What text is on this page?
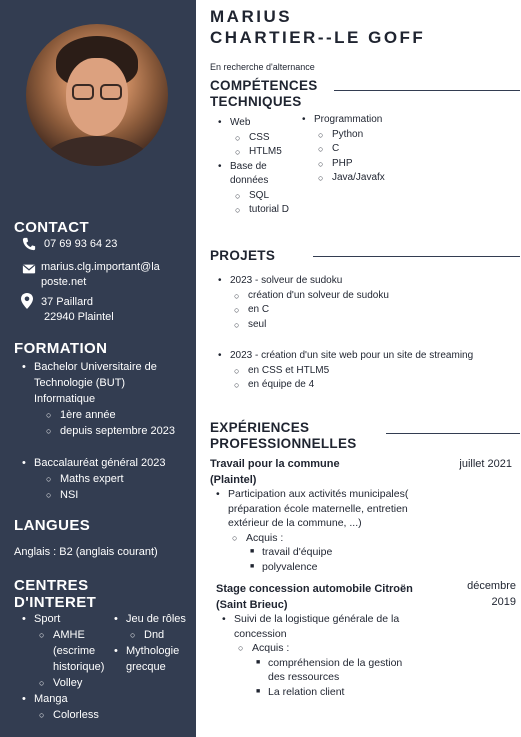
CONTACT
07 69 93 64 23
marius.clg.important@la
poste.net
37 Paillard
22940 Plaintel
FORMATION
• Bachelor Universitaire de
Technologie (BUT)
Informatique
○ 1ère année
○ depuis septembre 2023
• Baccalauréat général 2023
○ Maths expert
○ NSI
LANGUES
Anglais : B2 (anglais courant)
CENTRES
D'INTERET
• Sport
○ AMHE
(escrime
historique)
○ Volley
• Manga
○ Colorless
• Jeu de rôles
○ Dnd
• Mythologie
grecque
MARIUS
CHARTIER--LE GOFF
En recherche d'alternance
COMPÉTENCES
TECHNIQUES
• Web
○ CSS
○ HTLM5
• Base de
données
○ SQL
○ tutorial D
• Programmation
○ Python
○ C
○ PHP
○ Java/Javafx
PROJETS
• 2023 - solveur de sudoku
○ création d'un solveur de sudoku
○ en C
○ seul
• 2023 - création d'un site web pour un site de streaming
○ en CSS et HTLM5
○ en équipe de 4
EXPÉRIENCES
PROFESSIONNELLES
Travail pour la commune
(Plaintel)
juillet 2021
• Participation aux activités municipales(
préparation école maternelle, entretien
extérieur de la commune, ...)
○ Acquis :
■ travail d'équipe
■ polyvalence
Stage concession automobile Citroën
(Saint Brieuc)
décembre
2019
• Suivi de la logistique générale de la
concession
○ Acquis :
■ compréhension de la gestion
des ressources
■ La relation client
